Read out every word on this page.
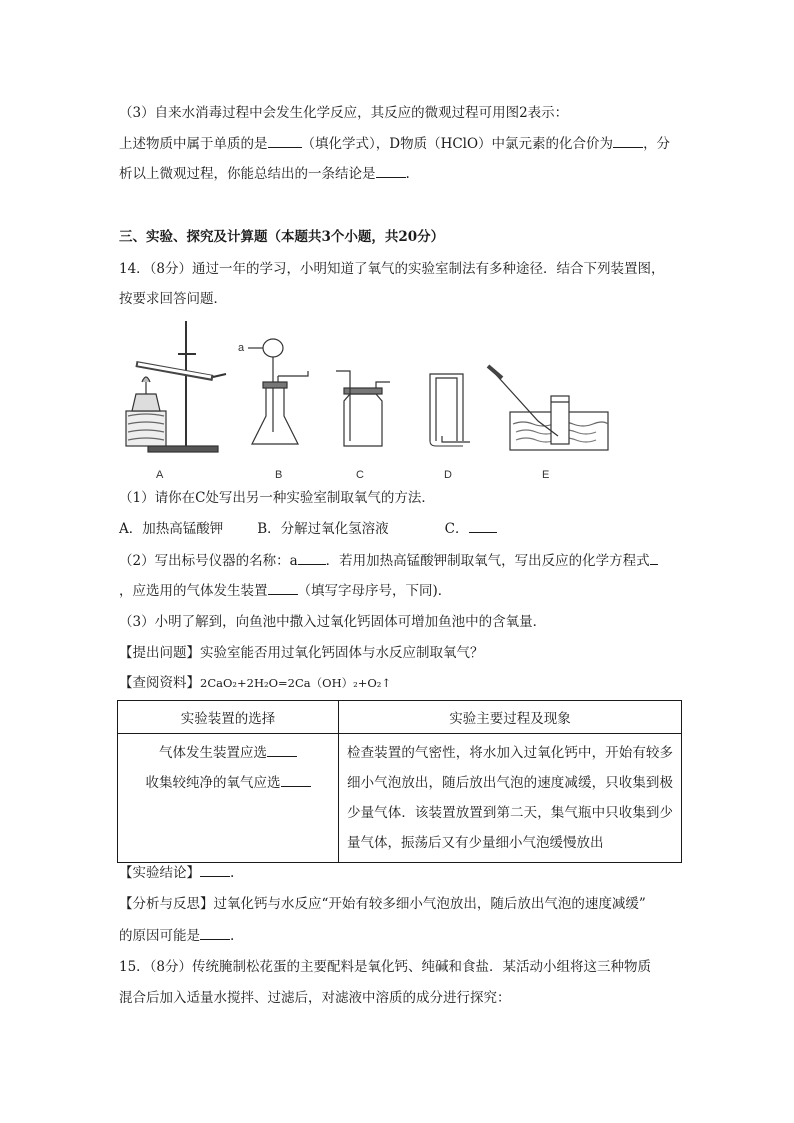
（3）自来水消毒过程中会发生化学反应，其反应的微观过程可用图2表示：
上述物质中属于单质的是	（填化学式），D物质（HClO）中氯元素的化合价为 ，分
析以上微观过程，你能总结出的一条结论是 .
三、实验、探究及计算题（本题共3个小题，共20分）
14．（8分）通过一年的学习，小明知道了氧气的实验室制法有多种途径．结合下列装置图，
按要求回答问题．
A
a
B	C	D	E
（1）请你在C处写出另一种实验室制取氧气的方法．
A．加热高锰酸钾	B．分解过氧化氢溶液	C．
（2）写出标号仪器的名称：a ．若用加热高锰酸钾制取氧气，写出反应的化学方程式
，应选用的气体发生装置 （填写字母序号，下同)．
（3）小明了解到，向鱼池中撒入过氧化钙固体可增加鱼池中的含氧量．
【提出问题】实验室能否用过氧化钙固体与水反应制取氧气？
【查阅资料】2CaO₂+2H₂O=2Ca（OH）₂+O₂↑
实验装置的选择	实验主要过程及现象

气体发生装置应选
收集较纯净的氧气应选	检查装置的气密性，将水加入过氧化钙中，开始有较多细小气泡放出，随后放出气泡的速度减缓，只收集到极少量气体．该装置放置到第二天，集气瓶中只收集到少量气体，振荡后又有少量细小气泡缓慢放出
【实验结论】 .
【分析与反思】过氧化钙与水反应“开始有较多细小气泡放出，随后放出气泡的速度减缓”
的原因可能是 .
15．（8分）传统腌制松花蛋的主要配料是氧化钙、纯碱和食盐．某活动小组将这三种物质
混合后加入适量水搅拌、过滤后，对滤液中溶质的成分进行探究：
